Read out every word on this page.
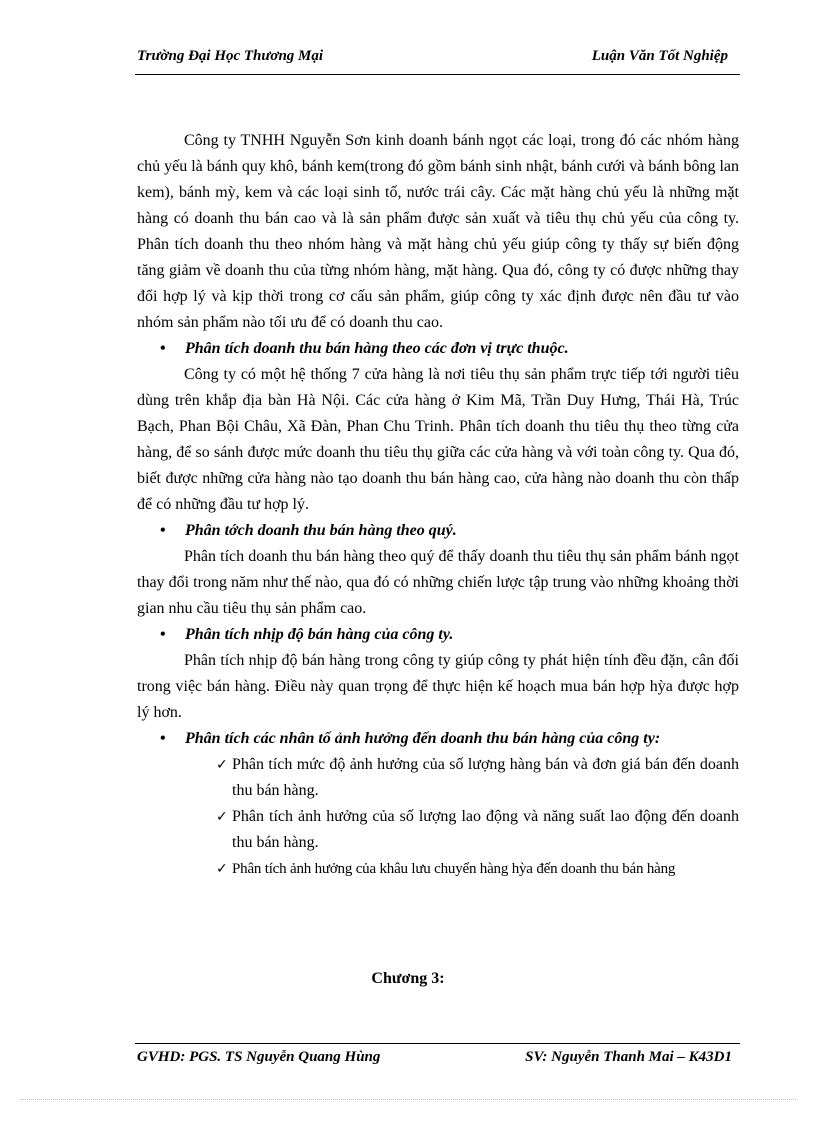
Trường Đại Học Thương Mại	Luận Văn Tốt Nghiệp

Công ty TNHH Nguyễn Sơn kinh doanh bánh ngọt các loại, trong đó các nhóm hàng chủ yếu là bánh quy khô, bánh kem(trong đó gồm bánh sinh nhật, bánh cưới và bánh bông lan kem), bánh mỳ, kem và các loại sinh tố, nước trái cây. Các mặt hàng chủ yếu là những mặt hàng có doanh thu bán cao và là sản phẩm được sản xuất và tiêu thụ chủ yếu của công ty. Phân tích doanh thu theo nhóm hàng và mặt hàng chủ yếu giúp công ty thấy sự biến động tăng giảm về doanh thu của từng nhóm hàng, mặt hàng. Qua đó, công ty có được những thay đổi hợp lý và kịp thời trong cơ cấu sản phẩm, giúp công ty xác định được nên đầu tư vào nhóm sản phẩm nào tối ưu để có doanh thu cao.

• Phân tích doanh thu bán hàng theo các đơn vị trực thuộc.

Công ty có một hệ thống 7 cửa hàng là nơi tiêu thụ sản phẩm trực tiếp tới người tiêu dùng trên khắp địa bàn Hà Nội. Các cửa hàng ở Kim Mã, Trần Duy Hưng, Thái Hà, Trúc Bạch, Phan Bội Châu, Xã Đàn, Phan Chu Trinh. Phân tích doanh thu tiêu thụ theo từng cửa hàng, để so sánh được mức doanh thu tiêu thụ giữa các cửa hàng và với toàn công ty. Qua đó, biết được những cửa hàng nào tạo doanh thu bán hàng cao, cửa hàng nào doanh thu còn thấp để có những đầu tư hợp lý.

• Phân tớch doanh thu bán hàng theo quý.

Phân tích doanh thu bán hàng theo quý để thấy doanh thu tiêu thụ sản phẩm bánh ngọt thay đổi trong năm như thế nào, qua đó có những chiến lược tập trung vào những khoảng thời gian nhu cầu tiêu thụ sản phẩm cao.

• Phân tích nhịp độ bán hàng của công ty.

Phân tích nhịp độ bán hàng trong công ty giúp công ty phát hiện tính đều đặn, cân đối trong việc bán hàng. Điều này quan trọng để thực hiện kế hoạch mua bán hợp hỳa được hợp lý hơn.

• Phân tích các nhân tố ảnh hưởng đến doanh thu bán hàng của công ty:

✓ Phân tích mức độ ảnh hưởng của số lượng hàng bán và đơn giá bán đến doanh thu bán hàng.
✓ Phân tích ảnh hưởng của số lượng lao động và năng suất lao động đến doanh thu bán hàng.
✓ Phân tích ảnh hưởng của khâu lưu chuyển hàng hỳa đến doanh thu bán hàng
Chương 3:
GVHD: PGS. TS Nguyễn Quang Hùng	SV: Nguyễn Thanh Mai – K43D1
